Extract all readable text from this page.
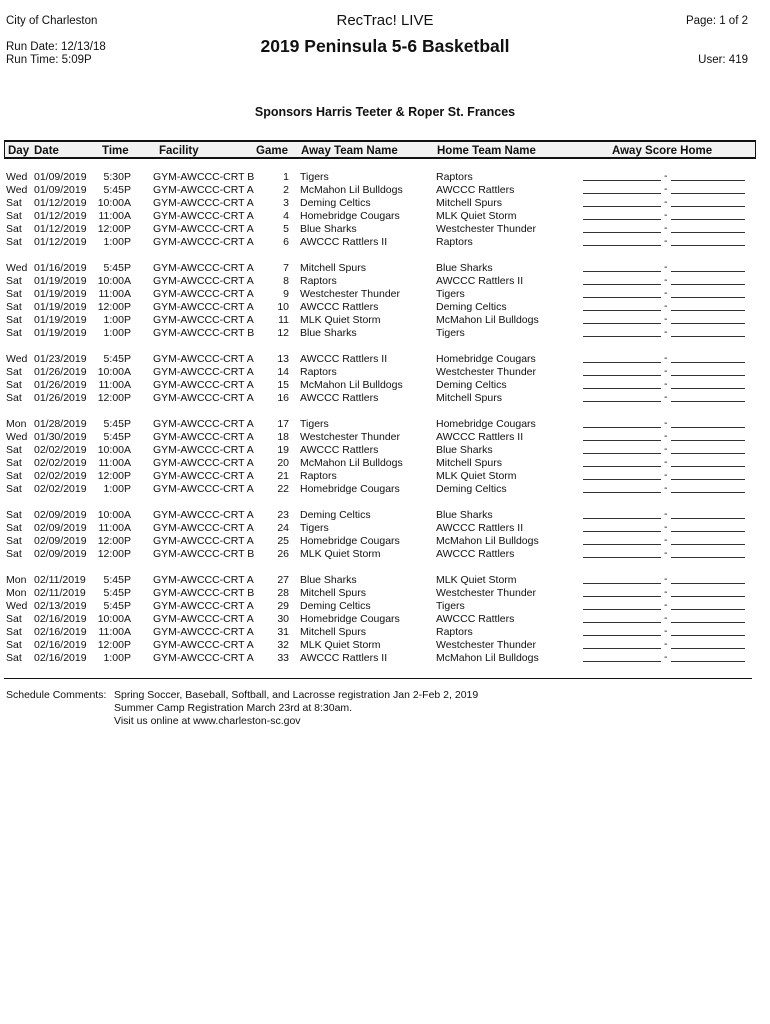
City of Charleston
Run Date: 12/13/18
Run Time: 5:09P
RecTrac! LIVE
2019 Peninsula 5-6 Basketball
Page: 1 of 2
User: 419
Sponsors Harris Teeter & Roper St. Frances
Day Date	Time	Facility	Game Away Team Name	Home Team Name	Away Score Home
Wed 01/09/2019 5:30P GYM-AWCCC-CRT B	1 Tigers	Raptors	-
Wed 01/09/2019 5:45P GYM-AWCCC-CRT A	2 McMahon Lil Bulldogs	AWCCC Rattlers	-
Sat 01/12/2019 10:00A GYM-AWCCC-CRT A	3 Deming Celtics	Mitchell Spurs	-
Sat 01/12/2019 11:00A GYM-AWCCC-CRT A	4 Homebridge Cougars	MLK Quiet Storm	-
Sat 01/12/2019 12:00P GYM-AWCCC-CRT A	5 Blue Sharks	Westchester Thunder	-
Sat 01/12/2019 1:00P GYM-AWCCC-CRT A	6 AWCCC Rattlers II	Raptors	-
Wed 01/16/2019 5:45P GYM-AWCCC-CRT A	7 Mitchell Spurs	Blue Sharks	-
Sat 01/19/2019 10:00A GYM-AWCCC-CRT A	8 Raptors	AWCCC Rattlers II	-
Sat 01/19/2019 11:00A GYM-AWCCC-CRT A	9 Westchester Thunder	Tigers	-
Sat 01/19/2019 12:00P GYM-AWCCC-CRT A 10 AWCCC Rattlers	Deming Celtics	-
Sat 01/19/2019 1:00P GYM-AWCCC-CRT A 11 MLK Quiet Storm	McMahon Lil Bulldogs	-
Sat 01/19/2019 1:00P GYM-AWCCC-CRT B 12 Blue Sharks	Tigers	-
Wed 01/23/2019 5:45P GYM-AWCCC-CRT A 13 AWCCC Rattlers II	Homebridge Cougars	-
Sat 01/26/2019 10:00A GYM-AWCCC-CRT A 14 Raptors	Westchester Thunder	-
Sat 01/26/2019 11:00A GYM-AWCCC-CRT A 15 McMahon Lil Bulldogs	Deming Celtics	-
Sat 01/26/2019 12:00P GYM-AWCCC-CRT A 16 AWCCC Rattlers	Mitchell Spurs	-
Mon 01/28/2019 5:45P GYM-AWCCC-CRT A 17 Tigers	Homebridge Cougars	-
Wed 01/30/2019 5:45P GYM-AWCCC-CRT A 18 Westchester Thunder	AWCCC Rattlers II	-
Sat 02/02/2019 10:00A GYM-AWCCC-CRT A 19 AWCCC Rattlers	Blue Sharks	-
Sat 02/02/2019 11:00A GYM-AWCCC-CRT A 20 McMahon Lil Bulldogs	Mitchell Spurs	-
Sat 02/02/2019 12:00P GYM-AWCCC-CRT A 21 Raptors	MLK Quiet Storm	-
Sat 02/02/2019 1:00P GYM-AWCCC-CRT A 22 Homebridge Cougars	Deming Celtics	-
Sat 02/09/2019 10:00A GYM-AWCCC-CRT A 23 Deming Celtics	Blue Sharks	-
Sat 02/09/2019 11:00A GYM-AWCCC-CRT A 24 Tigers	AWCCC Rattlers II	-
Sat 02/09/2019 12:00P GYM-AWCCC-CRT A 25 Homebridge Cougars	McMahon Lil Bulldogs	-
Sat 02/09/2019 12:00P GYM-AWCCC-CRT B 26 MLK Quiet Storm	AWCCC Rattlers	-
Mon 02/11/2019 5:45P GYM-AWCCC-CRT A 27 Blue Sharks	MLK Quiet Storm	-
Mon 02/11/2019 5:45P GYM-AWCCC-CRT B 28 Mitchell Spurs	Westchester Thunder	-
Wed 02/13/2019 5:45P GYM-AWCCC-CRT A 29 Deming Celtics	Tigers	-
Sat 02/16/2019 10:00A GYM-AWCCC-CRT A 30 Homebridge Cougars	AWCCC Rattlers	-
Sat 02/16/2019 11:00A GYM-AWCCC-CRT A 31 Mitchell Spurs	Raptors	-
Sat 02/16/2019 12:00P GYM-AWCCC-CRT A 32 MLK Quiet Storm	Westchester Thunder	-
Sat 02/16/2019 1:00P GYM-AWCCC-CRT A 33 AWCCC Rattlers II	McMahon Lil Bulldogs	-
Schedule Comments: Spring Soccer, Baseball, Softball, and Lacrosse registration Jan 2-Feb 2, 2019
Summer Camp Registration March 23rd at 8:30am.
Visit us online at www.charleston-sc.gov
